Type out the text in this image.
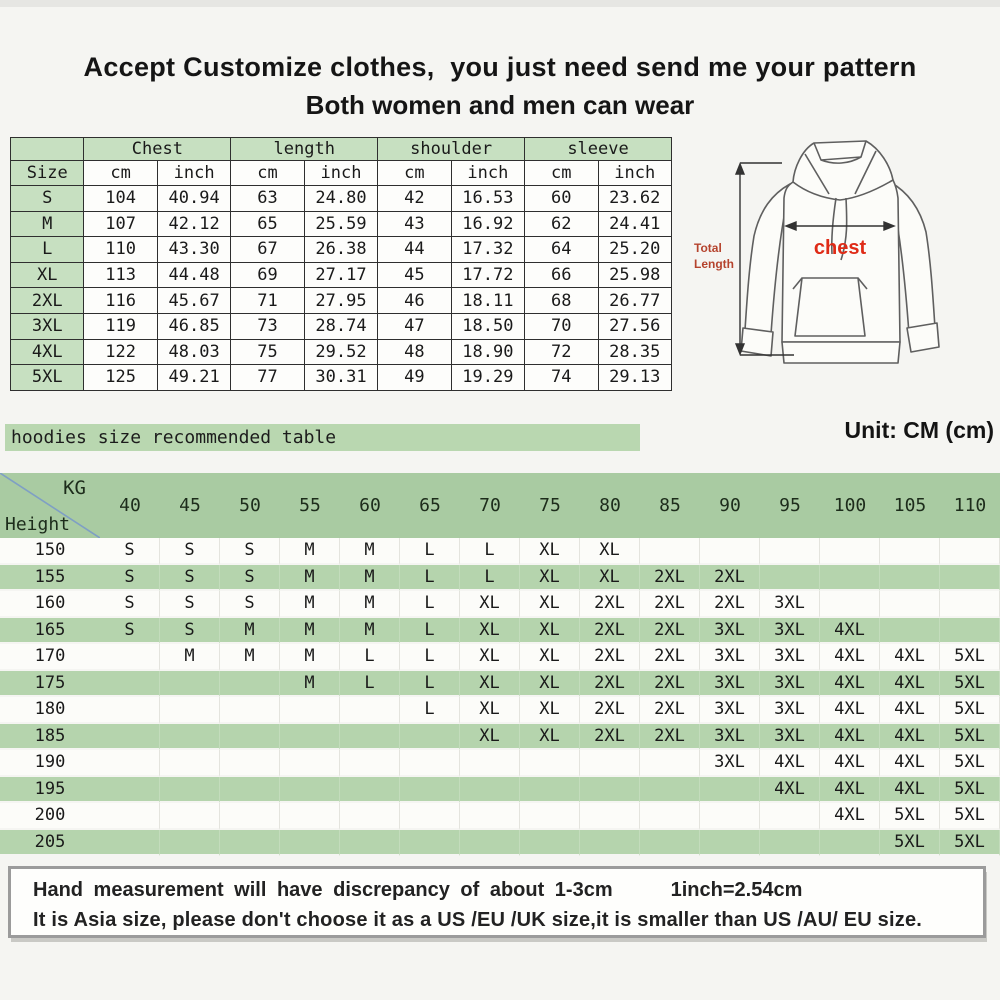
Accept Customize clothes,  you just need send me your pattern
Both women and men can wear
	Chest		length		shoulder		sleeve	
Size	cm	inch	cm	inch	cm	inch	cm	inch
S	104	40.94	63	24.80	42	16.53	60	23.62
M	107	42.12	65	25.59	43	16.92	62	24.41
L	110	43.30	67	26.38	44	17.32	64	25.20
XL	113	44.48	69	27.17	45	17.72	66	25.98
2XL	116	45.67	71	27.95	46	18.11	68	26.77
3XL	119	46.85	73	28.74	47	18.50	70	27.56
4XL	122	48.03	75	29.52	48	18.90	72	28.35
5XL	125	49.21	77	30.31	49	19.29	74	29.13
Total
Length
chest
hoodies size recommended table	Unit: CM (cm)
KG
Height	40	45	50	55	60	65	70	75	80	85	90	95	100	105	110
150	S	S	S	M	M	L	L	XL	XL						
155	S	S	S	M	M	L	L	XL	XL	2XL	2XL				
160	S	S	S	M	M	L	XL	XL	2XL	2XL	2XL	3XL			
165	S	S	M	M	M	L	XL	XL	2XL	2XL	3XL	3XL	4XL		
170		M	M	M	L	L	XL	XL	2XL	2XL	3XL	3XL	4XL	4XL	5XL
175				M	L	L	XL	XL	2XL	2XL	3XL	3XL	4XL	4XL	5XL
180						L	XL	XL	2XL	2XL	3XL	3XL	4XL	4XL	5XL
185							XL	XL	2XL	2XL	3XL	3XL	4XL	4XL	5XL
190											3XL	4XL	4XL	4XL	5XL
195												4XL	4XL	4XL	5XL
200													4XL	5XL	5XL
205														5XL	5XL
Hand measurement will have discrepancy of about 1-3cm	1inch=2.54cm
It is Asia size, please don't choose it as a US /EU /UK size,it is smaller than US /AU/ EU size.
